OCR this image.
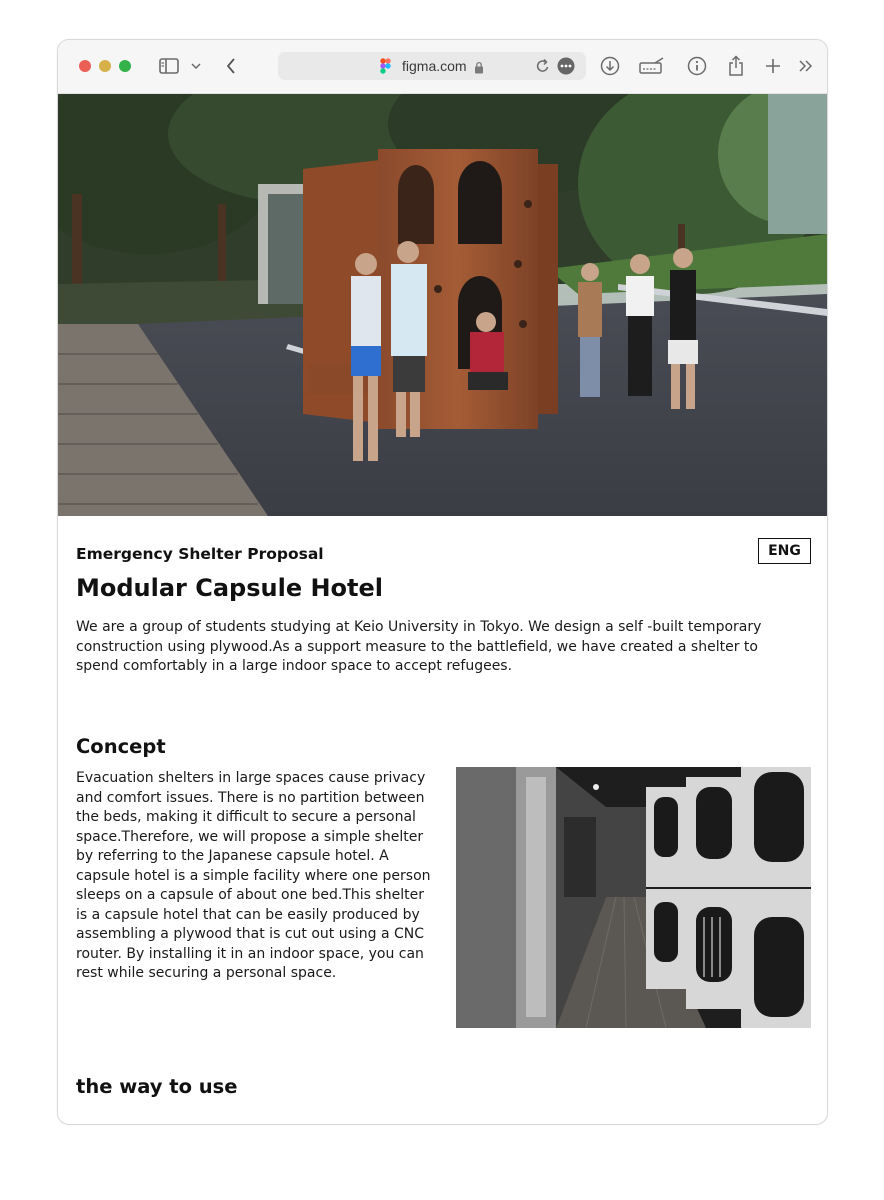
figma.com
Emergency Shelter Proposal	ENG
Modular Capsule Hotel
We are a group of students studying at Keio University in Tokyo. We design a self -built temporary construction using plywood.As a support measure to the battlefield, we have created a shelter to spend comfortably in a large indoor space to accept refugees.
Concept
Evacuation shelters in large spaces cause privacy and comfort issues. There is no partition between the beds, making it difficult to secure a personal space.Therefore, we will propose a simple shelter by referring to the Japanese capsule hotel. A capsule hotel is a simple facility where one person sleeps on a capsule of about one bed.This shelter is a capsule hotel that can be easily produced by assembling a plywood that is cut out using a CNC router. By installing it in an indoor space, you can rest while securing a personal space.
the way to use
